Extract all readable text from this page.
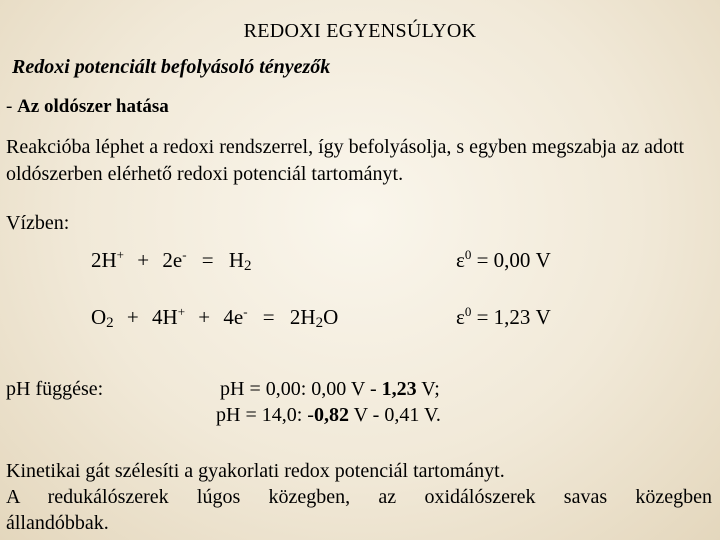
REDOXI EGYENSÚLYOK
Redoxi potenciált befolyásoló tényezők
- Az oldószer hatása
Reakcióba léphet a redoxi rendszerrel, így befolyásolja, s egyben megszabja az adott oldószerben elérhető redoxi potenciál tartományt.
Vízben:
$2H^+ + 2e^- = H_2$
$O_2 + 4H^+ + 4e^- = 2H_2O$
$\varepsilon^0 = 0,00$ V
$\varepsilon^0 = 1,23$ V
pH függése:	pH = 0,00: 0,00 V - 1,23 V;
pH = 14,0: -0,82 V - 0,41 V.
Kinetikai gát szélesíti a gyakorlati redox potenciál tartományt.
A redukálószerek lúgos közegben, az oxidálószerek savas közegben
állandóbbak.
